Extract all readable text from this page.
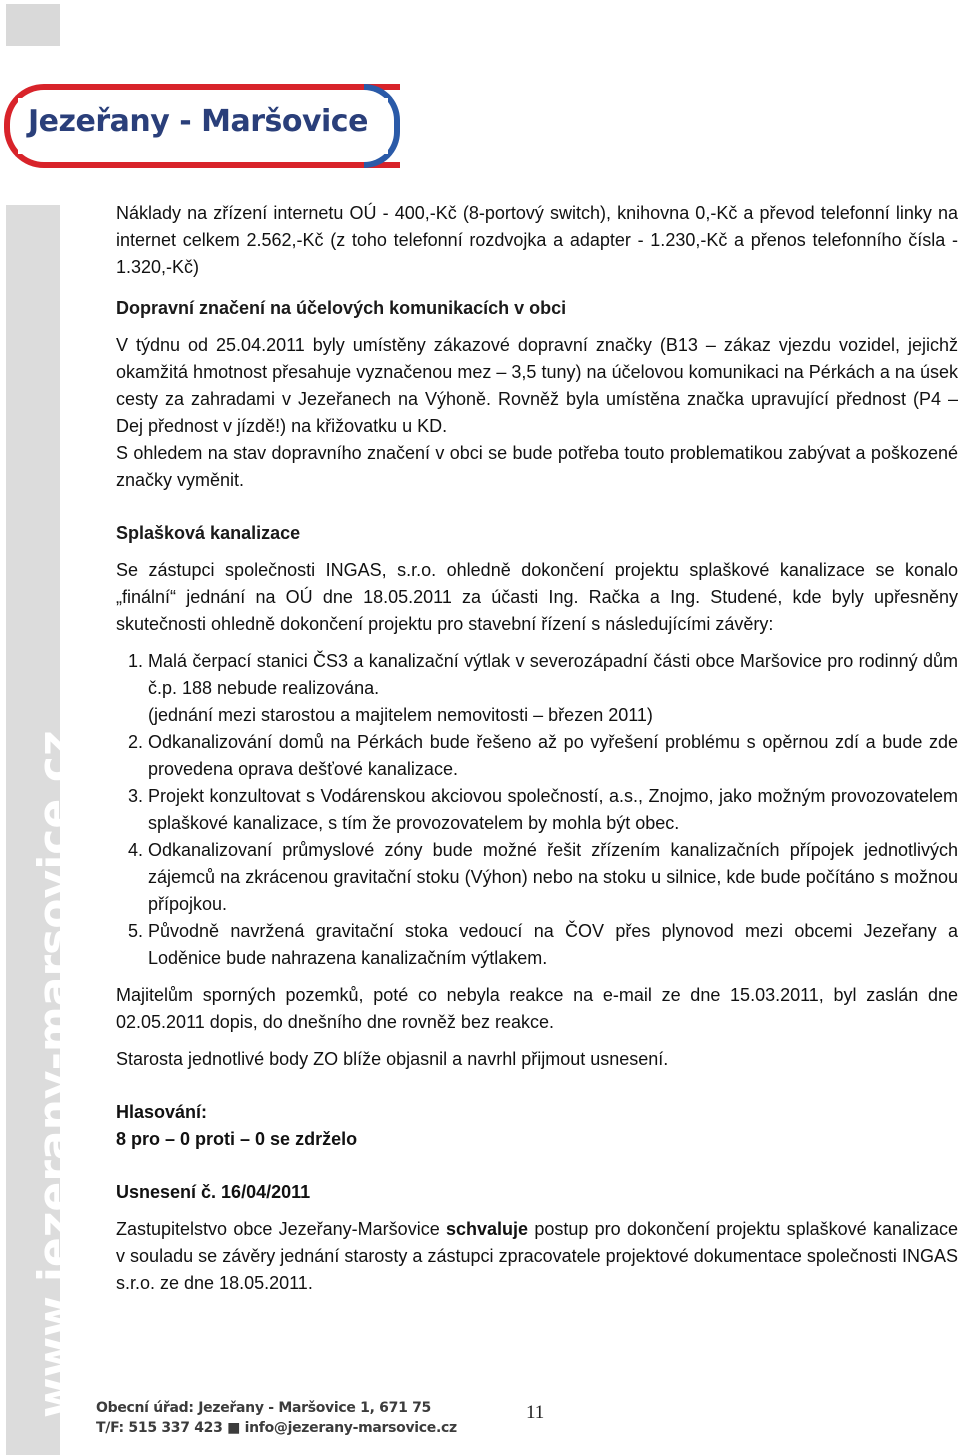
Jezeřany - Maršovice
www.jezerany-marsovice.cz

Náklady na zřízení internetu OÚ - 400,-Kč (8-portový switch), knihovna 0,-Kč a převod telefonní linky na internet celkem 2.562,-Kč (z toho telefonní rozdvojka a adapter - 1.230,-Kč a přenos telefonního čísla - 1.320,-Kč)

Dopravní značení na účelových komunikacích v obci

V týdnu od 25.04.2011 byly umístěny zákazové dopravní značky (B13 – zákaz vjezdu vozidel, jejichž okamžitá hmotnost přesahuje vyznačenou mez – 3,5 tuny) na účelovou komunikaci na Pérkách a na úsek cesty za zahradami v Jezeřanech na Výhoně. Rovněž byla umístěna značka upravující přednost (P4 – Dej přednost v jízdě!) na křižovatku u KD.

S ohledem na stav dopravního značení v obci se bude potřeba touto problematikou zabývat a poškozené značky vyměnit.

Splašková kanalizace

Se zástupci společnosti INGAS, s.r.o. ohledně dokončení projektu splaškové kanalizace se konalo „finální“ jednání na OÚ dne 18.05.2011 za účasti Ing. Račka a Ing. Studené, kde byly upřesněny skutečnosti ohledně dokončení projektu pro stavební řízení s následujícími závěry:

1. Malá čerpací stanici ČS3 a kanalizační výtlak v severozápadní části obce Maršovice pro rodinný dům č.p. 188 nebude realizována.
(jednání mezi starostou a majitelem nemovitosti – březen 2011)
2. Odkanalizování domů na Pérkách bude řešeno až po vyřešení problému s opěrnou zdí a bude zde provedena oprava dešťové kanalizace.
3. Projekt konzultovat s Vodárenskou akciovou společností, a.s., Znojmo, jako možným provozovatelem splaškové kanalizace, s tím že provozovatelem by mohla být obec.
4. Odkanalizovaní průmyslové zóny bude možné řešit zřízením kanalizačních přípojek jednotlivých zájemců na zkrácenou gravitační stoku (Výhon) nebo na stoku u silnice, kde bude počítáno s možnou přípojkou.
5. Původně navržená gravitační stoka vedoucí na ČOV přes plynovod mezi obcemi Jezeřany a Loděnice bude nahrazena kanalizačním výtlakem.

Majitelům sporných pozemků, poté co nebyla reakce na e-mail ze dne 15.03.2011, byl zaslán dne 02.05.2011 dopis, do dnešního dne rovněž bez reakce.

Starosta jednotlivé body ZO blíže objasnil a navrhl přijmout usnesení.

Hlasování:

8 pro – 0 proti – 0 se zdrželo

Usnesení č. 16/04/2011

Zastupitelstvo obce Jezeřany-Maršovice schvaluje postup pro dokončení projektu splaškové kanalizace v souladu se závěry jednání starosty a zástupci zpracovatele projektové dokumentace společnosti INGAS s.r.o. ze dne 18.05.2011.

Obecní úřad: Jezeřany - Maršovice 1, 671 75
T/F: 515 337 423 ■ info@jezerany-marsovice.cz
11
